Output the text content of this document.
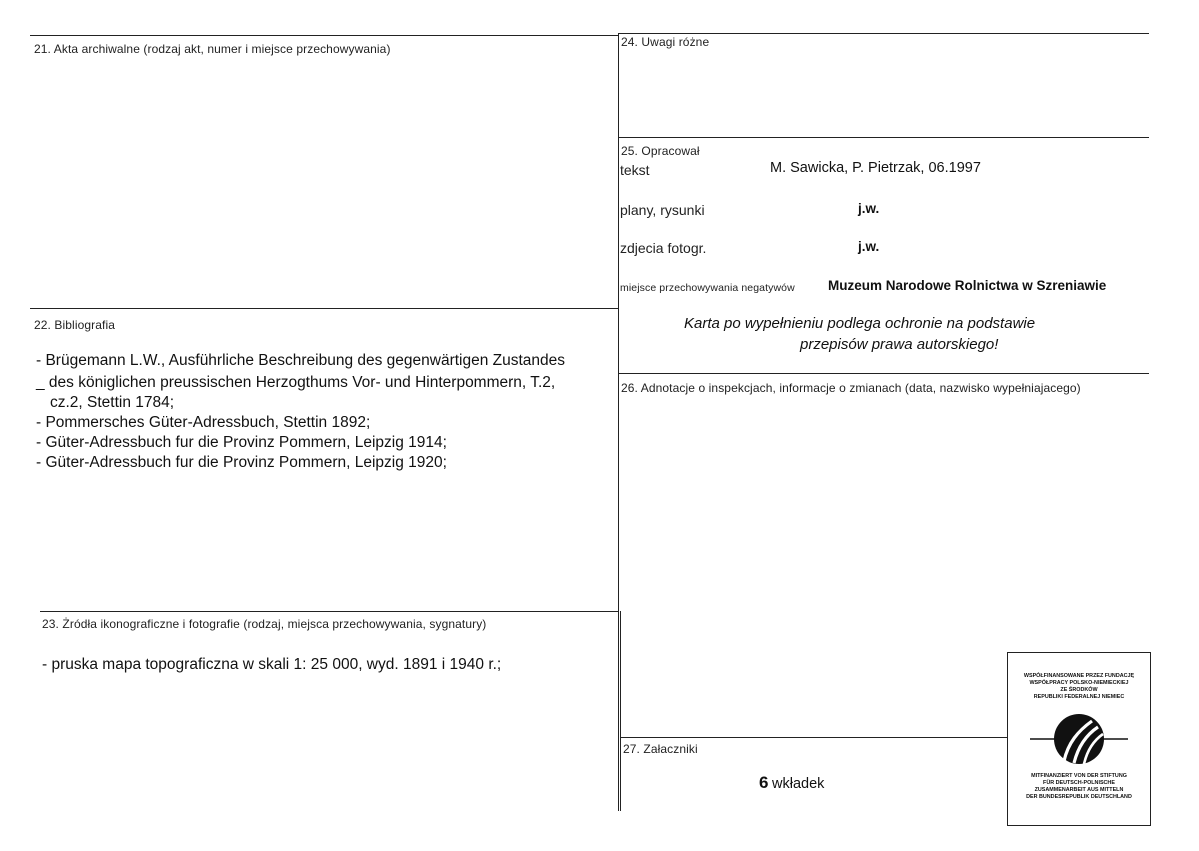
21. Akta archiwalne (rodzaj akt, numer i miejsce przechowywania)
22. Bibliografia
- Brügemann L.W., Ausführliche Beschreibung des gegenwärtigen Zustandes
_ des königlichen preussischen Herzogthums Vor- und Hinterpommern, T.2,
cz.2, Stettin 1784;
- Pommersches Güter-Adressbuch, Stettin 1892;
- Güter-Adressbuch fur die Provinz Pommern, Leipzig 1914;
- Güter-Adressbuch fur die Provinz Pommern, Leipzig 1920;
23. Żródła ikonograficzne i fotografie (rodzaj, miejsca przechowywania, sygnatury)
- pruska mapa topograficzna w skali 1: 25 000, wyd. 1891 i 1940 r.;
24. Uwagi różne
25. Opracował
tekst	M. Sawicka, P. Pietrzak, 06.1997
plany, rysunki	j.w.
zdjecia fotogr.	j.w.
miejsce przechowywania negatywów Muzeum Narodowe Rolnictwa w Szreniawie
Karta po wypełnieniu podlega ochronie na podstawie
przepisów prawa autorskiego!
26. Adnotacje o inspekcjach, informacje o zmianach (data, nazwisko wypełniajacego)
27. Załaczniki
6 wkładek
WSPÓŁFINANSOWANE PRZEZ FUNDACJĘ
WSPÓŁPRACY POLSKO-NIEMIECKIEJ
ZE ŚRODKÓW
REPUBLIKI FEDERALNEJ NIEMIEC
MITFINANZIERT VON DER STIFTUNG
FÜR DEUTSCH-POLNISCHE
ZUSAMMENARBEIT AUS MITTELN
DER BUNDESREPUBLIK DEUTSCHLAND
